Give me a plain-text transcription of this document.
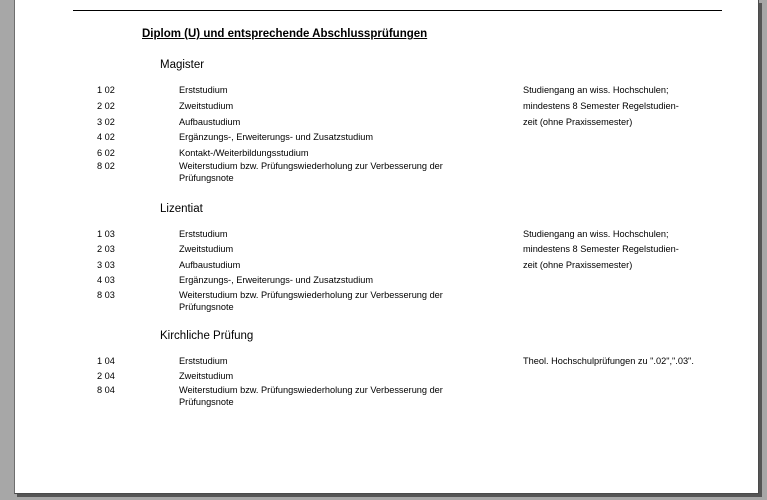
Diplom (U) und entsprechende Abschlussprüfungen
Magister
1 02	Erststudium	Studiengang an wiss. Hochschulen;
2 02	Zweitstudium	mindestens 8 Semester Regelstudien-
3 02	Aufbaustudium	zeit (ohne Praxissemester)
4 02	Ergänzungs-, Erweiterungs- und Zusatzstudium
6 02	Kontakt-/Weiterbildungsstudium
8 02	Weiterstudium bzw. Prüfungswiederholung zur Verbesserung der Prüfungsnote
Lizentiat
1 03	Erststudium	Studiengang an wiss. Hochschulen;
2 03	Zweitstudium	mindestens 8 Semester Regelstudien-
3 03	Aufbaustudium	zeit (ohne Praxissemester)
4 03	Ergänzungs-, Erweiterungs- und Zusatzstudium
8 03	Weiterstudium bzw. Prüfungswiederholung zur Verbesserung der Prüfungsnote
Kirchliche Prüfung
1 04	Erststudium	Theol. Hochschulprüfungen zu ".02",".03".
2 04	Zweitstudium
8 04	Weiterstudium bzw. Prüfungswiederholung zur Verbesserung der Prüfungsnote
